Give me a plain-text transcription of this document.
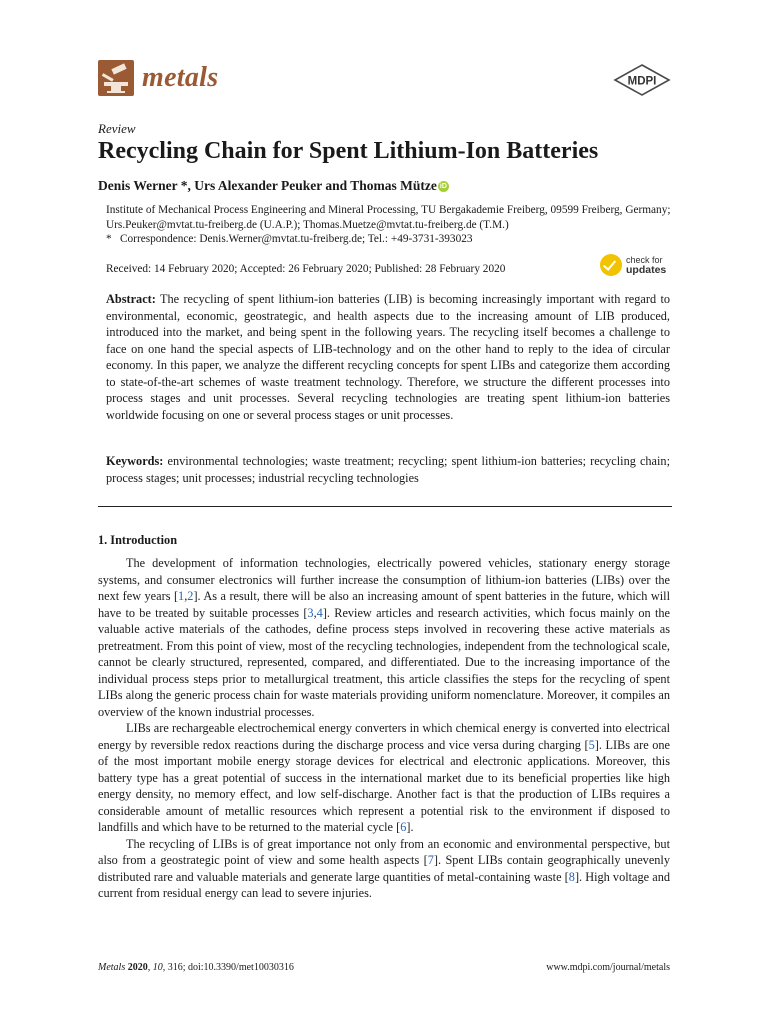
metals	MDPI
Review
Recycling Chain for Spent Lithium-Ion Batteries
Denis Werner *, Urs Alexander Peuker and Thomas Mütze iD
Institute of Mechanical Process Engineering and Mineral Processing, TU Bergakademie Freiberg, 09599 Freiberg, Germany; Urs.Peuker@mvtat.tu-freiberg.de (U.A.P.); Thomas.Muetze@mvtat.tu-freiberg.de (T.M.)
* Correspondence: Denis.Werner@mvtat.tu-freiberg.de; Tel.: +49-3731-393023
Received: 14 February 2020; Accepted: 26 February 2020; Published: 28 February 2020
check for
updates

Abstract: The recycling of spent lithium-ion batteries (LIB) is becoming increasingly important with regard to environmental, economic, geostrategic, and health aspects due to the increasing amount of LIB produced, introduced into the market, and being spent in the following years. The recycling itself becomes a challenge to face on one hand the special aspects of LIB-technology and on the other hand to reply to the idea of circular economy. In this paper, we analyze the different recycling concepts for spent LIBs and categorize them according to state-of-the-art schemes of waste treatment technology. Therefore, we structure the different processes into process stages and unit processes. Several recycling technologies are treating spent lithium-ion batteries worldwide focusing on one or several process stages or unit processes.

Keywords: environmental technologies; waste treatment; recycling; spent lithium-ion batteries; recycling chain; process stages; unit processes; industrial recycling technologies

1. Introduction

The development of information technologies, electrically powered vehicles, stationary energy storage systems, and consumer electronics will further increase the consumption of lithium-ion batteries (LIBs) over the next few years [1,2]. As a result, there will be also an increasing amount of spent batteries in the future, which will have to be treated by suitable processes [3,4]. Review articles and research activities, which focus mainly on the valuable active materials of the cathodes, define process steps involved in recovering these active materials as pretreatment. From this point of view, most of the recycling technologies, independent from the technological scale, cannot be clearly structured, represented, compared, and differentiated. Due to the increasing importance of the individual process steps prior to metallurgical treatment, this article classifies the steps for the recycling of spent LIBs along the generic process chain for waste materials providing uniform nomenclature. Moreover, it compiles an overview of the known industrial processes.

LIBs are rechargeable electrochemical energy converters in which chemical energy is converted into electrical energy by reversible redox reactions during the discharge process and vice versa during charging [5]. LIBs are one of the most important mobile energy storage devices for electrical and electronic applications. Moreover, this battery type has a great potential of success in the international market due to its beneficial properties like high energy density, no memory effect, and low self-discharge. Another fact is that the production of LIBs requires a considerable amount of metallic resources which represent a potential risk to the environment if disposed to landfills and which have to be returned to the material cycle [6].

The recycling of LIBs is of great importance not only from an economic and environmental perspective, but also from a geostrategic point of view and some health aspects [7]. Spent LIBs contain geographically unevenly distributed rare and valuable materials and generate large quantities of metal-containing waste [8]. High voltage and current from residual energy can lead to severe injuries.

Metals 2020, 10, 316; doi:10.3390/met10030316	www.mdpi.com/journal/metals
